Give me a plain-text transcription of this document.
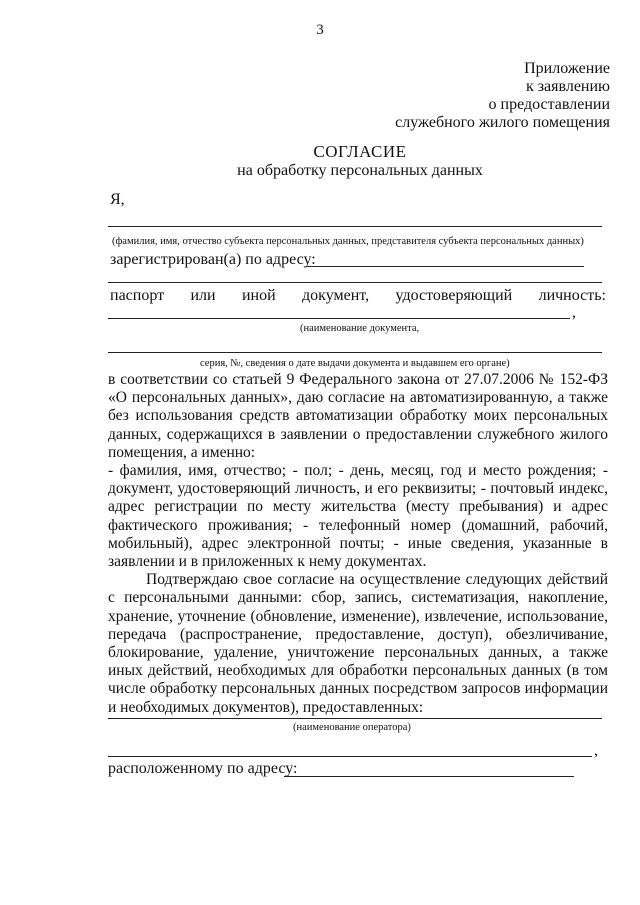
3
Приложение
к заявлению
о предоставлении
служебного жилого помещения
СОГЛАСИЕ
на обработку персональных данных
Я,
(фамилия, имя, отчество субъекта персональных данных, представителя субъекта персональных данных)
зарегистрирован(а) по адресу:
паспорт или иной документ, удостоверяющий личность:
,
(наименование документа,
серия, №, сведения о дате выдачи документа и выдавшем его органе)

в соответствии со статьей 9 Федерального закона от 27.07.2006 № 152-ФЗ «О персональных данных», даю согласие на автоматизированную, а также без использования средств автоматизации обработку моих персональных данных, содержащихся в заявлении о предоставлении служебного жилого помещения, а именно:

- фамилия, имя, отчество; - пол; - день, месяц, год и место рождения; - документ, удостоверяющий личность, и его реквизиты; - почтовый индекс, адрес регистрации по месту жительства (месту пребывания) и адрес фактического проживания; - телефонный номер (домашний, рабочий, мобильный), адрес электронной почты; - иные сведения, указанные в заявлении и в приложенных к нему документах.

Подтверждаю свое согласие на осуществление следующих действий с персональными данными: сбор, запись, систематизация, накопление, хранение, уточнение (обновление, изменение), извлечение, использование, передача (распространение, предоставление, доступ), обезличивание, блокирование, удаление, уничтожение персональных данных, а также иных действий, необходимых для обработки персональных данных (в том числе обработку персональных данных посредством запросов информации и необходимых документов), предоставленных:

(наименование оператора)
,
расположенному по адресу:
